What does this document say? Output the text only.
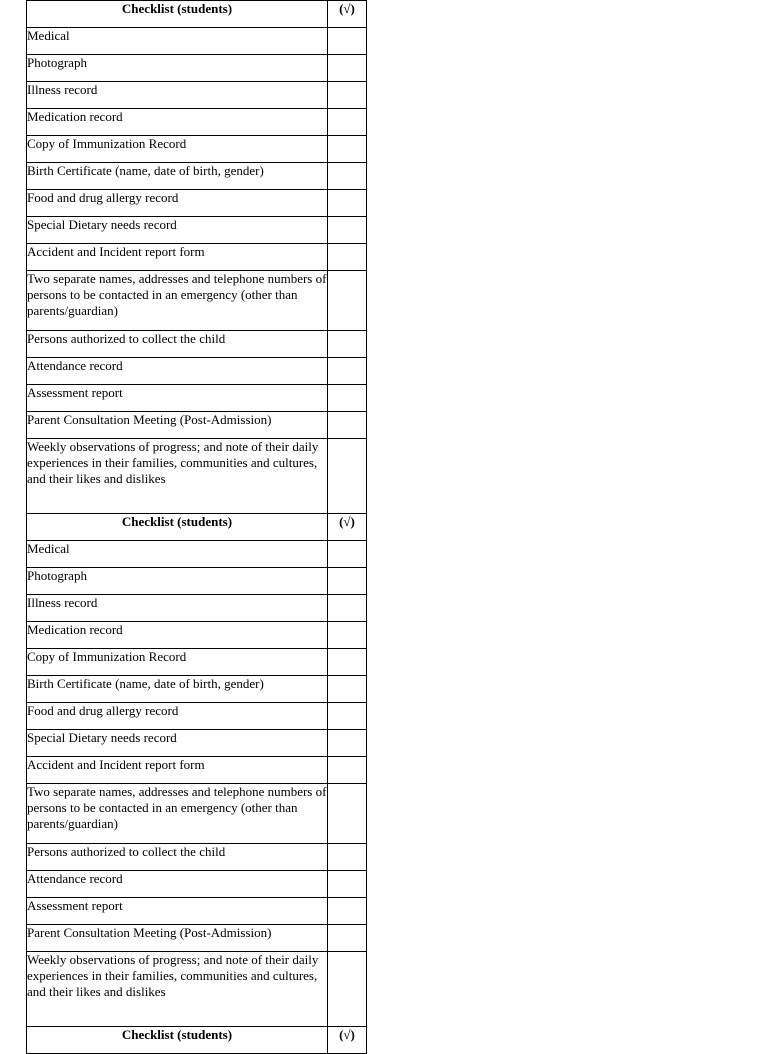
Checklist (students)	(√)
Medical	
Photograph	
Illness record	
Medication record	
Copy of Immunization Record	
Birth Certificate (name, date of birth, gender)	
Food and drug allergy record	
Special Dietary needs record	
Accident and Incident report form	
Two separate names, addresses and telephone numbers of persons to be contacted in an emergency (other than parents/guardian)	
Persons authorized to collect the child	
Attendance record	
Assessment report	
Parent Consultation Meeting (Post-Admission)	
Weekly observations of progress; and note of their daily experiences in their families, communities and cultures, and their likes and dislikes	
Checklist (students)	(√)
Medical	
Photograph	
Illness record	
Medication record	
Copy of Immunization Record	
Birth Certificate (name, date of birth, gender)	
Food and drug allergy record	
Special Dietary needs record	
Accident and Incident report form	
Two separate names, addresses and telephone numbers of persons to be contacted in an emergency (other than parents/guardian)	
Persons authorized to collect the child	
Attendance record	
Assessment report	
Parent Consultation Meeting (Post-Admission)	
Weekly observations of progress; and note of their daily experiences in their families, communities and cultures, and their likes and dislikes	
Checklist (students)	(√)
